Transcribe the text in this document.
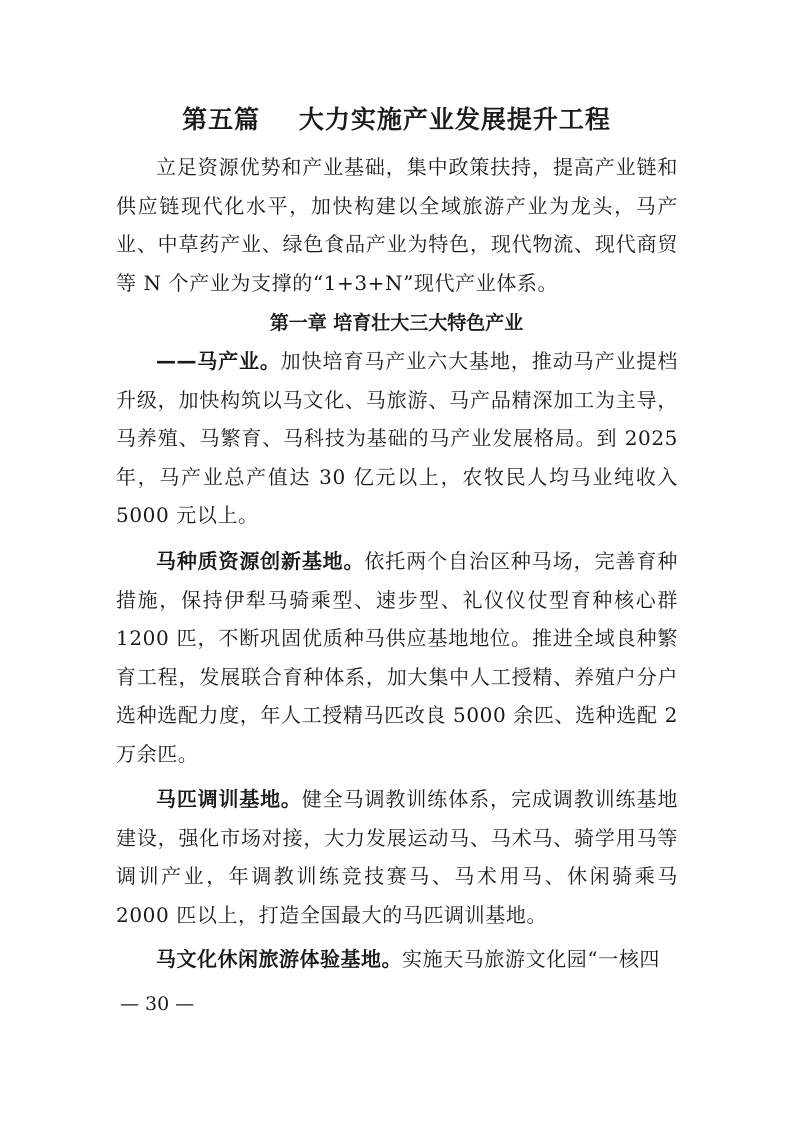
第五篇    大力实施产业发展提升工程

立足资源优势和产业基础，集中政策扶持，提高产业链和供应链现代化水平，加快构建以全域旅游产业为龙头，马产业、中草药产业、绿色食品产业为特色，现代物流、现代商贸等 N 个产业为支撑的“1+3+N”现代产业体系。

第一章 培育壮大三大特色产业

——马产业。加快培育马产业六大基地，推动马产业提档升级，加快构筑以马文化、马旅游、马产品精深加工为主导，马养殖、马繁育、马科技为基础的马产业发展格局。到 2025 年，马产业总产值达 30 亿元以上，农牧民人均马业纯收入 5000 元以上。

马种质资源创新基地。依托两个自治区种马场，完善育种措施，保持伊犁马骑乘型、速步型、礼仪仪仗型育种核心群 1200 匹，不断巩固优质种马供应基地地位。推进全域良种繁育工程，发展联合育种体系，加大集中人工授精、养殖户分户选种选配力度，年人工授精马匹改良 5000 余匹、选种选配 2 万余匹。

马匹调训基地。健全马调教训练体系，完成调教训练基地建设，强化市场对接，大力发展运动马、马术马、骑学用马等调训产业，年调教训练竞技赛马、马术用马、休闲骑乘马 2000 匹以上，打造全国最大的马匹调训基地。

马文化休闲旅游体验基地。实施天马旅游文化园“一核四

— 30 —
